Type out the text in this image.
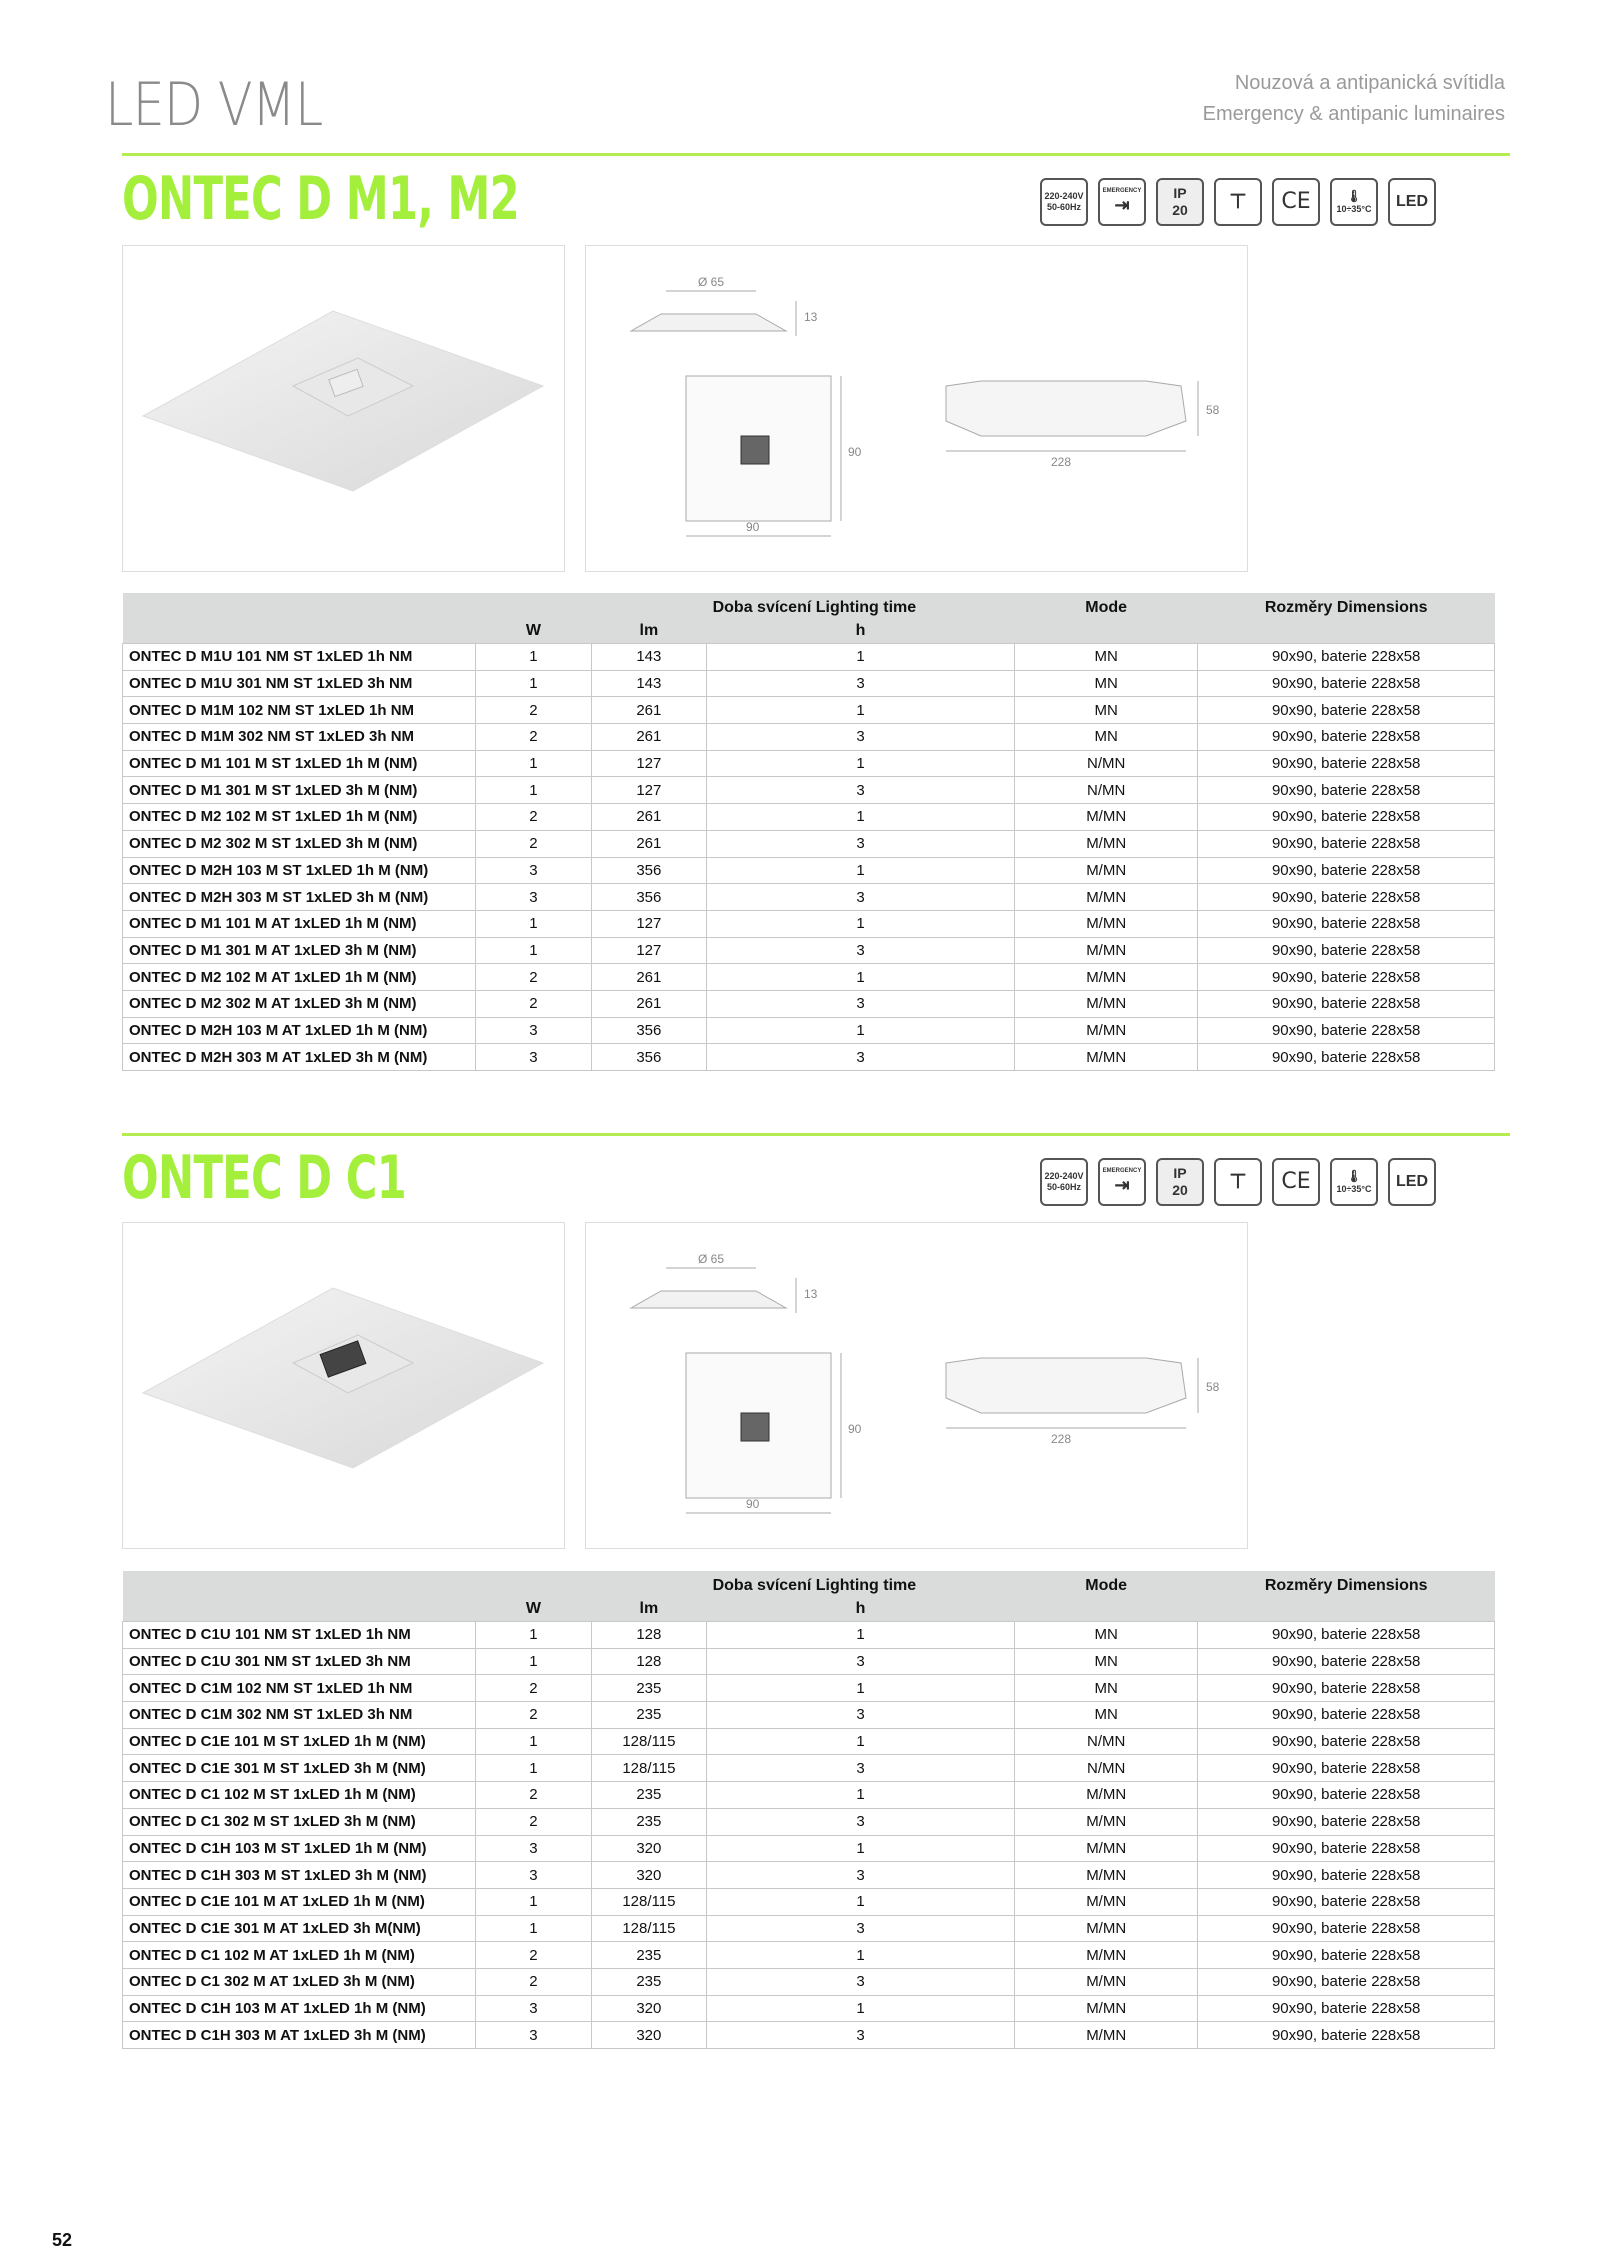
LED VML	Nouzová a antipanická svítidla
Emergency & antipanic luminaires
ONTEC D M1, M2	220-240V
50-60Hz
EMERGENCY
⇥
IP
20 ⊤	CE	🌡
10÷35°C	LED
Ø 65
13
90
90
228
58
			Doba svícení Lighting time	Mode	Rozměry Dimensions
	W	lm	h		
ONTEC D M1U 101 NM ST 1xLED 1h NM	1	143	1	MN	90x90, baterie 228x58
ONTEC D M1U 301 NM ST 1xLED 3h NM	1	143	3	MN	90x90, baterie 228x58
ONTEC D M1M 102 NM ST 1xLED 1h NM	2	261	1	MN	90x90, baterie 228x58
ONTEC D M1M 302 NM ST 1xLED 3h NM	2	261	3	MN	90x90, baterie 228x58
ONTEC D M1 101 M ST 1xLED 1h M (NM)	1	127	1	N/MN	90x90, baterie 228x58
ONTEC D M1 301 M ST 1xLED 3h M (NM)	1	127	3	N/MN	90x90, baterie 228x58
ONTEC D M2 102 M ST 1xLED 1h M (NM)	2	261	1	M/MN	90x90, baterie 228x58
ONTEC D M2 302 M ST 1xLED 3h M (NM)	2	261	3	M/MN	90x90, baterie 228x58
ONTEC D M2H 103 M ST 1xLED 1h M (NM)	3	356	1	M/MN	90x90, baterie 228x58
ONTEC D M2H 303 M ST 1xLED 3h M (NM)	3	356	3	M/MN	90x90, baterie 228x58
ONTEC D M1 101 M AT 1xLED 1h M (NM)	1	127	1	M/MN	90x90, baterie 228x58
ONTEC D M1 301 M AT 1xLED 3h M (NM)	1	127	3	M/MN	90x90, baterie 228x58
ONTEC D M2 102 M AT 1xLED 1h M (NM)	2	261	1	M/MN	90x90, baterie 228x58
ONTEC D M2 302 M AT 1xLED 3h M (NM)	2	261	3	M/MN	90x90, baterie 228x58
ONTEC D M2H 103 M AT 1xLED 1h M (NM)	3	356	1	M/MN	90x90, baterie 228x58
ONTEC D M2H 303 M AT 1xLED 3h M (NM)	3	356	3	M/MN	90x90, baterie 228x58
ONTEC D C1	220-240V
50-60Hz
EMERGENCY
⇥
IP
20 ⊤	CE	🌡
10÷35°C	LED
Ø 65
13
90
90
228
58
			Doba svícení Lighting time	Mode	Rozměry Dimensions
	W	lm	h		
ONTEC D C1U 101 NM ST 1xLED 1h NM	1	128	1	MN	90x90, baterie 228x58
ONTEC D C1U 301 NM ST 1xLED 3h NM	1	128	3	MN	90x90, baterie 228x58
ONTEC D C1M 102 NM ST 1xLED 1h NM	2	235	1	MN	90x90, baterie 228x58
ONTEC D C1M 302 NM ST 1xLED 3h NM	2	235	3	MN	90x90, baterie 228x58
ONTEC D C1E 101 M ST 1xLED 1h M (NM)	1	128/115	1	N/MN	90x90, baterie 228x58
ONTEC D C1E 301 M ST 1xLED 3h M (NM)	1	128/115	3	N/MN	90x90, baterie 228x58
ONTEC D C1 102 M ST 1xLED 1h M (NM)	2	235	1	M/MN	90x90, baterie 228x58
ONTEC D C1 302 M ST 1xLED 3h M (NM)	2	235	3	M/MN	90x90, baterie 228x58
ONTEC D C1H 103 M ST 1xLED 1h M (NM)	3	320	1	M/MN	90x90, baterie 228x58
ONTEC D C1H 303 M ST 1xLED 3h M (NM)	3	320	3	M/MN	90x90, baterie 228x58
ONTEC D C1E 101 M AT 1xLED 1h M (NM)	1	128/115	1	M/MN	90x90, baterie 228x58
ONTEC D C1E 301 M AT 1xLED 3h M(NM)	1	128/115	3	M/MN	90x90, baterie 228x58
ONTEC D C1 102 M AT 1xLED 1h M (NM)	2	235	1	M/MN	90x90, baterie 228x58
ONTEC D C1 302 M AT 1xLED 3h M (NM)	2	235	3	M/MN	90x90, baterie 228x58
ONTEC D C1H 103 M AT 1xLED 1h M (NM)	3	320	1	M/MN	90x90, baterie 228x58
ONTEC D C1H 303 M AT 1xLED 3h M (NM)	3	320	3	M/MN	90x90, baterie 228x58
52
